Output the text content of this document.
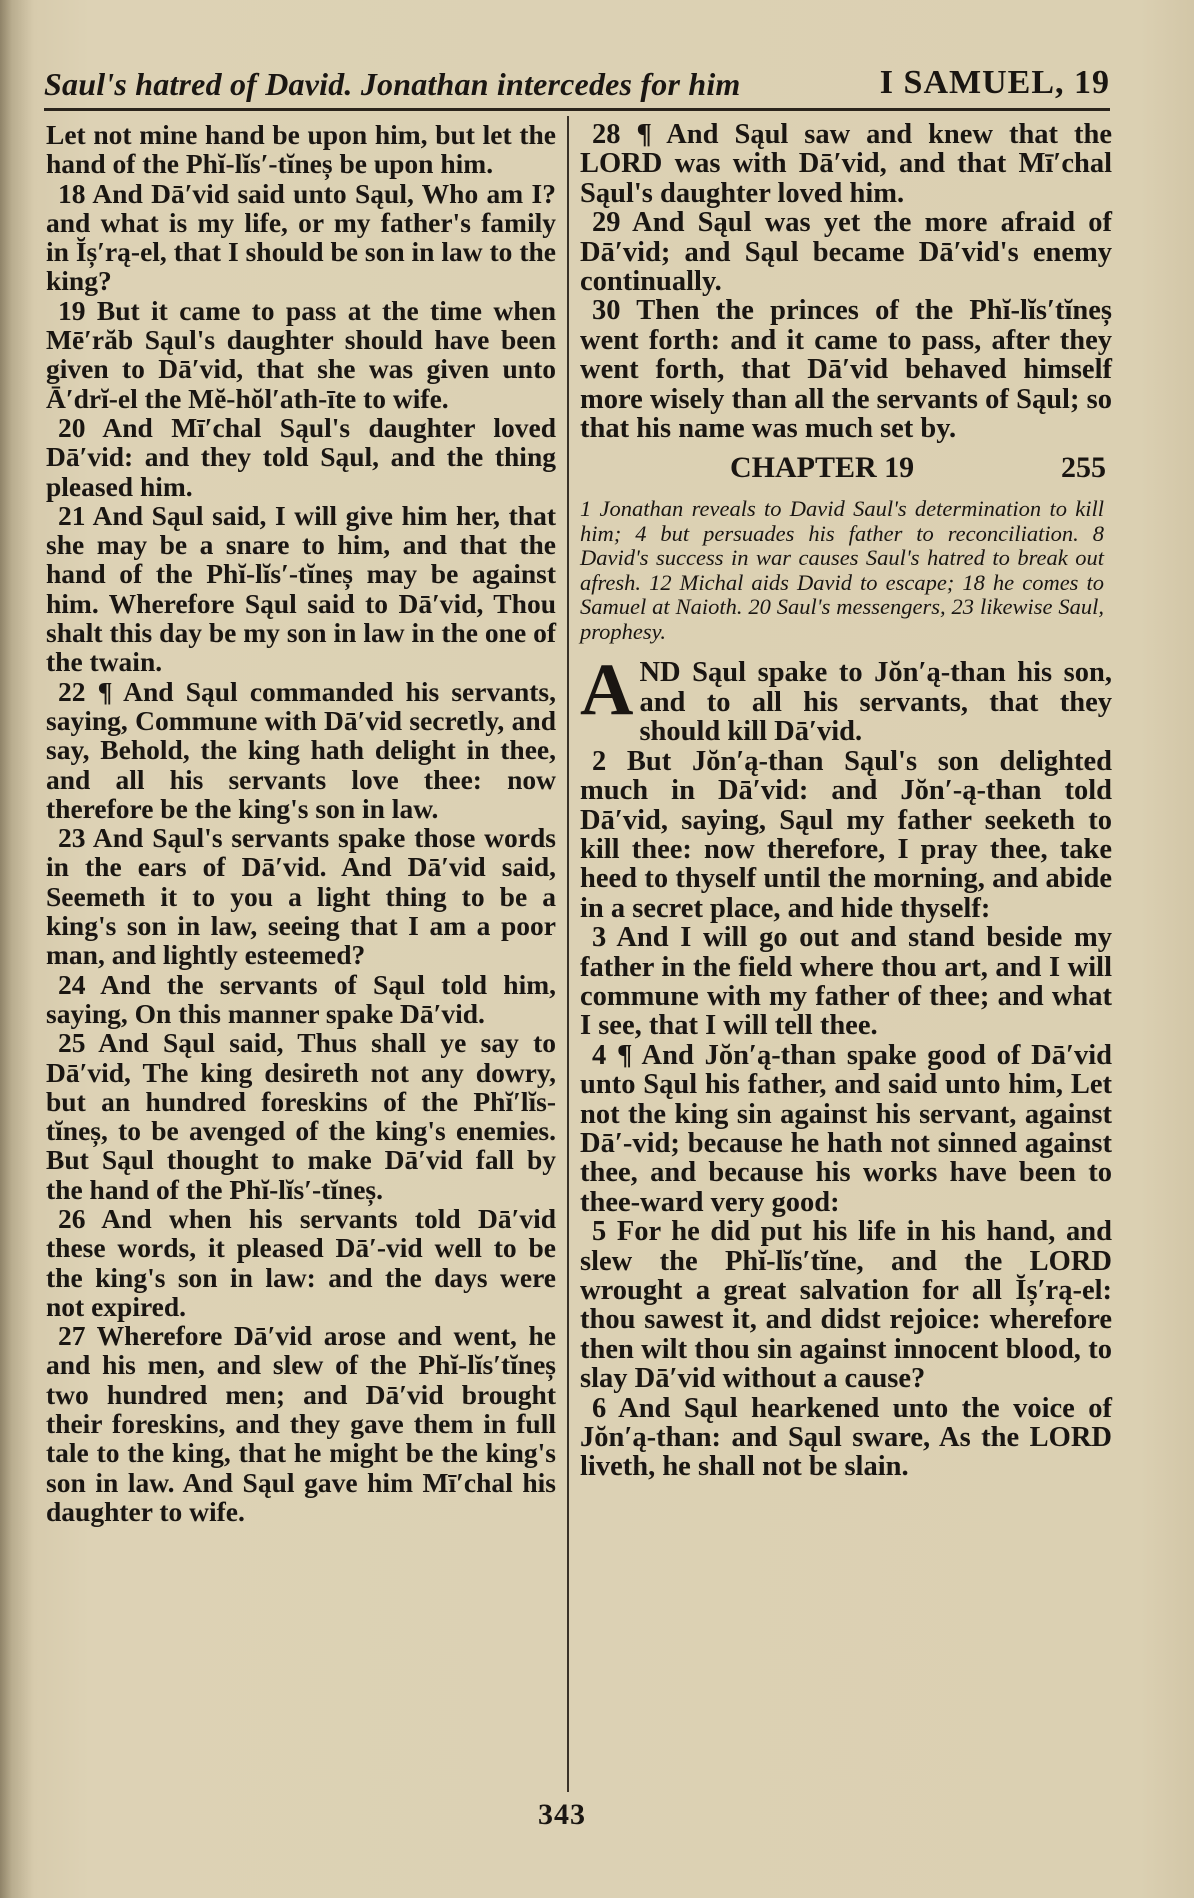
Saul's hatred of David. Jonathan intercedes for him	I SAMUEL, 19

Let not mine hand be upon him, but let the hand of the Phĭ-lĭs′-tĭneș be upon him.

18 And Dā′vid said unto Sąul, Who am I? and what is my life, or my father's family in Ĭș′rą-el, that I should be son in law to the king?

19 But it came to pass at the time when Mē′răb Sąul's daughter should have been given to Dā′vid, that she was given unto Ā′drĭ-el the Mĕ-hŏl′ath-īte to wife.

20 And Mī′chal Sąul's daughter loved Dā′vid: and they told Sąul, and the thing pleased him.

21 And Sąul said, I will give him her, that she may be a snare to him, and that the hand of the Phĭ-lĭs′-tĭneș may be against him. Wherefore Sąul said to Dā′vid, Thou shalt this day be my son in law in the one of the twain.

22 ¶ And Sąul commanded his servants, saying, Commune with Dā′vid secretly, and say, Behold, the king hath delight in thee, and all his servants love thee: now therefore be the king's son in law.

23 And Sąul's servants spake those words in the ears of Dā′vid. And Dā′vid said, Seemeth it to you a light thing to be a king's son in law, seeing that I am a poor man, and lightly esteemed?

24 And the servants of Sąul told him, saying, On this manner spake Dā′vid.

25 And Sąul said, Thus shall ye say to Dā′vid, The king desireth not any dowry, but an hundred foreskins of the Phĭ′lĭs-tĭneș, to be avenged of the king's enemies. But Sąul thought to make Dā′vid fall by the hand of the Phĭ-lĭs′-tĭneș.

26 And when his servants told Dā′vid these words, it pleased Dā′-vid well to be the king's son in law: and the days were not expired.

27 Wherefore Dā′vid arose and went, he and his men, and slew of the Phĭ-lĭs′tĭneș two hundred men; and Dā′vid brought their foreskins, and they gave them in full tale to the king, that he might be the king's son in law. And Sąul gave him Mī′chal his daughter to wife.

28 ¶ And Sąul saw and knew that the LORD was with Dā′vid, and that Mī′chal Sąul's daughter loved him.

29 And Sąul was yet the more afraid of Dā′vid; and Sąul became Dā′vid's enemy continually.

30 Then the princes of the Phĭ-lĭs′tĭneș went forth: and it came to pass, after they went forth, that Dā′vid behaved himself more wisely than all the servants of Sąul; so that his name was much set by.

CHAPTER 19	255
1 Jonathan reveals to David Saul's determination to kill him; 4 but persuades his father to reconciliation. 8 David's success in war causes Saul's hatred to break out afresh. 12 Michal aids David to escape; 18 he comes to Samuel at Naioth. 20 Saul's messengers, 23 likewise Saul, prophesy.

AND Sąul spake to Jŏn′ą-than his son, and to all his servants, that they should kill Dā′vid.

2 But Jŏn′ą-than Sąul's son delighted much in Dā′vid: and Jŏn′-ą-than told Dā′vid, saying, Sąul my father seeketh to kill thee: now therefore, I pray thee, take heed to thyself until the morning, and abide in a secret place, and hide thyself:

3 And I will go out and stand beside my father in the field where thou art, and I will commune with my father of thee; and what I see, that I will tell thee.

4 ¶ And Jŏn′ą-than spake good of Dā′vid unto Sąul his father, and said unto him, Let not the king sin against his servant, against Dā′-vid; because he hath not sinned against thee, and because his works have been to thee-ward very good:

5 For he did put his life in his hand, and slew the Phĭ-lĭs′tĭne, and the LORD wrought a great salvation for all Ĭș′rą-el: thou sawest it, and didst rejoice: wherefore then wilt thou sin against innocent blood, to slay Dā′vid without a cause?

6 And Sąul hearkened unto the voice of Jŏn′ą-than: and Sąul sware, As the LORD liveth, he shall not be slain.

343
